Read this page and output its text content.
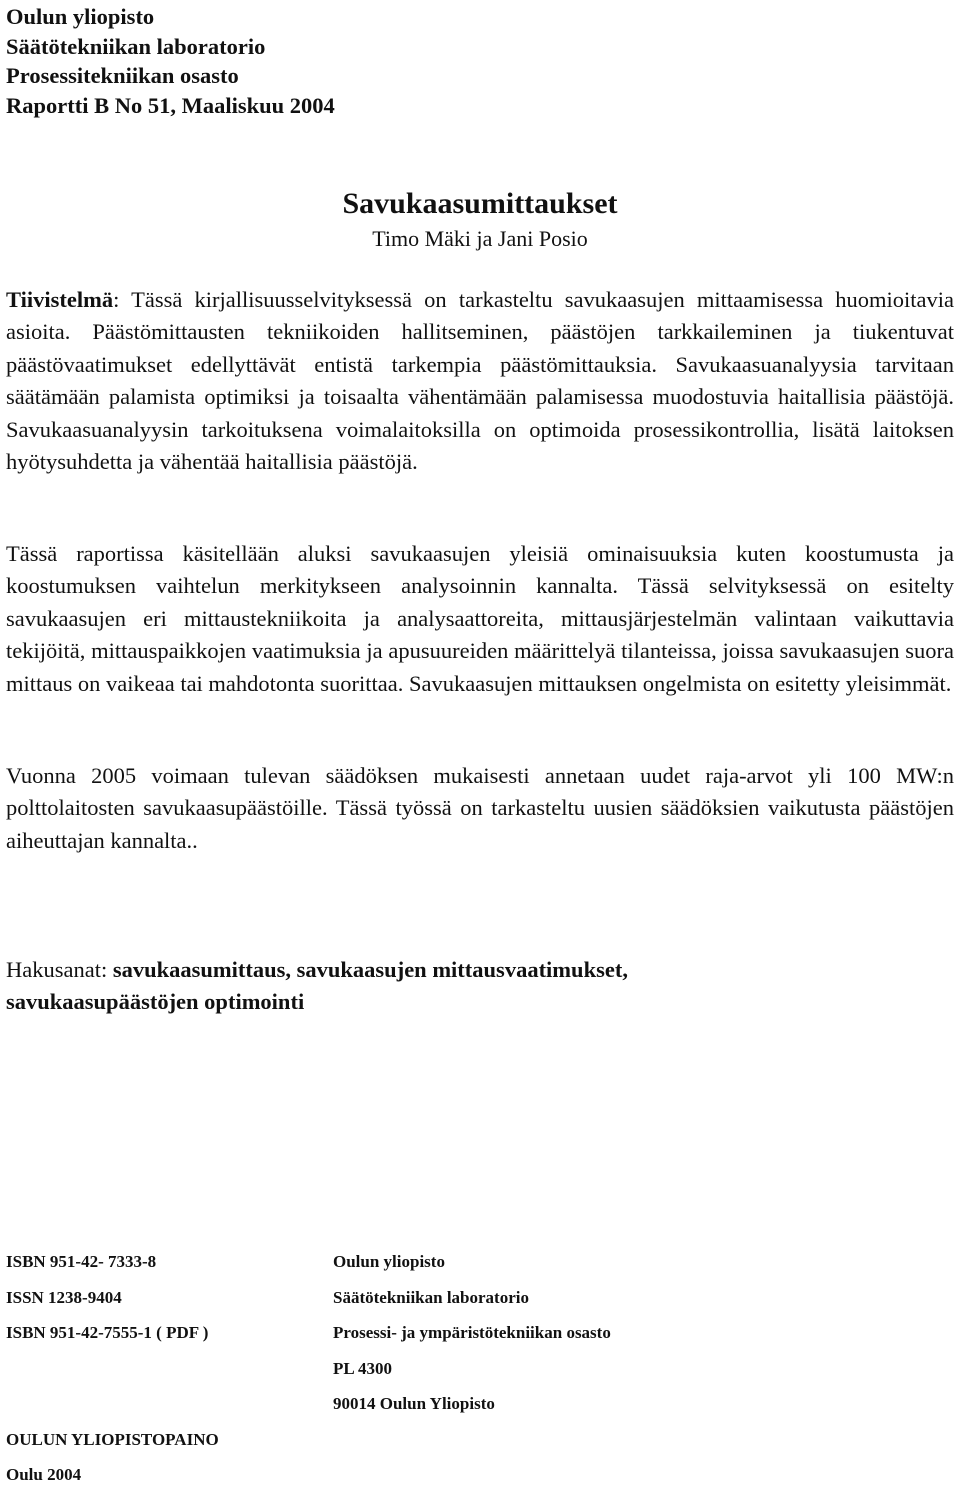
Oulun yliopisto
Säätötekniikan laboratorio
Prosessitekniikan osasto
Raportti B No 51, Maaliskuu 2004
Savukaasumittaukset
Timo Mäki ja Jani Posio

Tiivistelmä: Tässä kirjallisuusselvityksessä on tarkasteltu savukaasujen mittaamisessa huomioitavia asioita. Päästömittausten tekniikoiden hallitseminen, päästöjen tarkkaileminen ja tiukentuvat päästövaatimukset edellyttävät entistä tarkempia päästömittauksia. Savukaasuanalyysia tarvitaan säätämään palamista optimiksi ja toisaalta vähentämään palamisessa muodostuvia haitallisia päästöjä. Savukaasuanalyysin tarkoituksena voimalaitoksilla on optimoida prosessikontrollia, lisätä laitoksen hyötysuhdetta ja vähentää haitallisia päästöjä.

Tässä raportissa käsitellään aluksi savukaasujen yleisiä ominaisuuksia kuten koostumusta ja koostumuksen vaihtelun merkitykseen analysoinnin kannalta. Tässä selvityksessä on esitelty savukaasujen eri mittaustekniikoita ja analysaattoreita, mittausjärjestelmän valintaan vaikuttavia tekijöitä, mittauspaikkojen vaatimuksia ja apusuureiden määrittelyä tilanteissa, joissa savukaasujen suora mittaus on vaikeaa tai mahdotonta suorittaa. Savukaasujen mittauksen ongelmista on esitetty yleisimmät.

Vuonna 2005 voimaan tulevan säädöksen mukaisesti annetaan uudet raja-arvot yli 100 MW:n polttolaitosten savukaasupäästöille. Tässä työssä on tarkasteltu uusien säädöksien vaikutusta päästöjen aiheuttajan kannalta..

Hakusanat: savukaasumittaus, savukaasujen mittausvaatimukset,
savukaasupäästöjen optimointi
ISBN 951-42- 7333-8
ISSN 1238-9404
ISBN 951-42-7555-1 ( PDF )
Oulun yliopisto
Säätötekniikan laboratorio
Prosessi- ja ympäristötekniikan osasto
PL 4300
90014 Oulun Yliopisto
OULUN YLIOPISTOPAINO
Oulu 2004
